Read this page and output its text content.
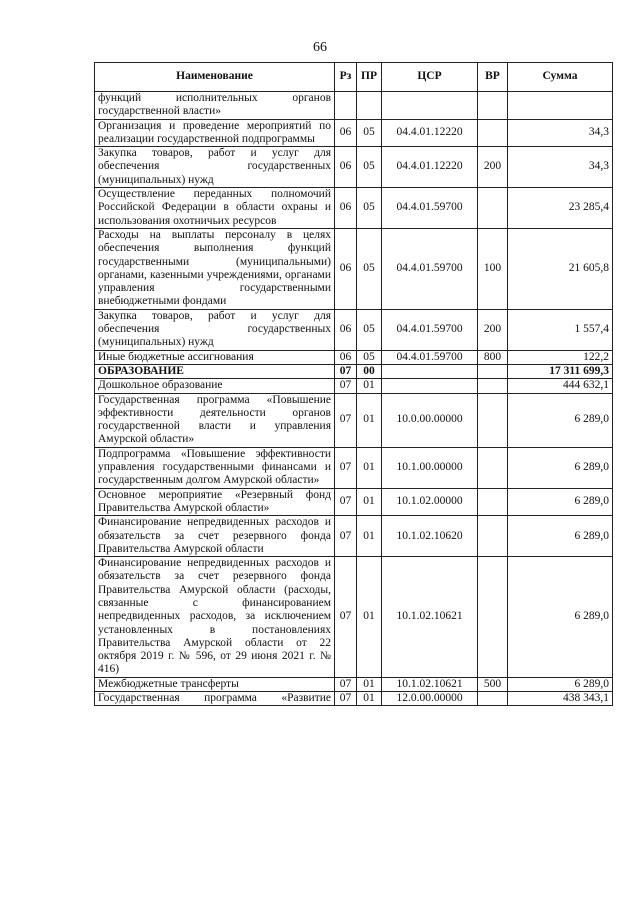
66
Наименование	Рз	ПР	ЦСР	ВР	Сумма
функций исполнительных органов государственной власти»					
Организация и проведение мероприятий по реализации государственной подпрограммы	06	05	04.4.01.12220		34,3
Закупка товаров, работ и услуг для обеспечения государственных (муниципальных) нужд	06	05	04.4.01.12220	200	34,3
Осуществление переданных полномочий Российской Федерации в области охраны и использования охотничьих ресурсов	06	05	04.4.01.59700		23 285,4
Расходы на выплаты персоналу в целях обеспечения выполнения функций государственными (муниципальными) органами, казенными учреждениями, органами управления государственными внебюджетными фондами	06	05	04.4.01.59700	100	21 605,8
Закупка товаров, работ и услуг для обеспечения государственных (муниципальных) нужд	06	05	04.4.01.59700	200	1 557,4
Иные бюджетные ассигнования	06	05	04.4.01.59700	800	122,2
ОБРАЗОВАНИЕ	07	00			17 311 699,3
Дошкольное образование	07	01			444 632,1
Государственная программа «Повышение эффективности деятельности органов государственной власти и управления Амурской области»	07	01	10.0.00.00000		6 289,0
Подпрограмма «Повышение эффективности управления государственными финансами и государственным долгом Амурской области»	07	01	10.1.00.00000		6 289,0
Основное мероприятие «Резервный фонд Правительства Амурской области»	07	01	10.1.02.00000		6 289,0
Финансирование непредвиденных расходов и обязательств за счет резервного фонда Правительства Амурской области	07	01	10.1.02.10620		6 289,0
Финансирование непредвиденных расходов и обязательств за счет резервного фонда Правительства Амурской области (расходы, связанные с финансированием непредвиденных расходов, за исключением установленных в постановлениях Правительства Амурской области от 22 октября 2019 г. № 596, от 29 июня 2021 г. № 416)	07	01	10.1.02.10621		6 289,0
Межбюджетные трансферты	07	01	10.1.02.10621	500	6 289,0
Государственная программа «Развитие	07	01	12.0.00.00000		438 343,1
